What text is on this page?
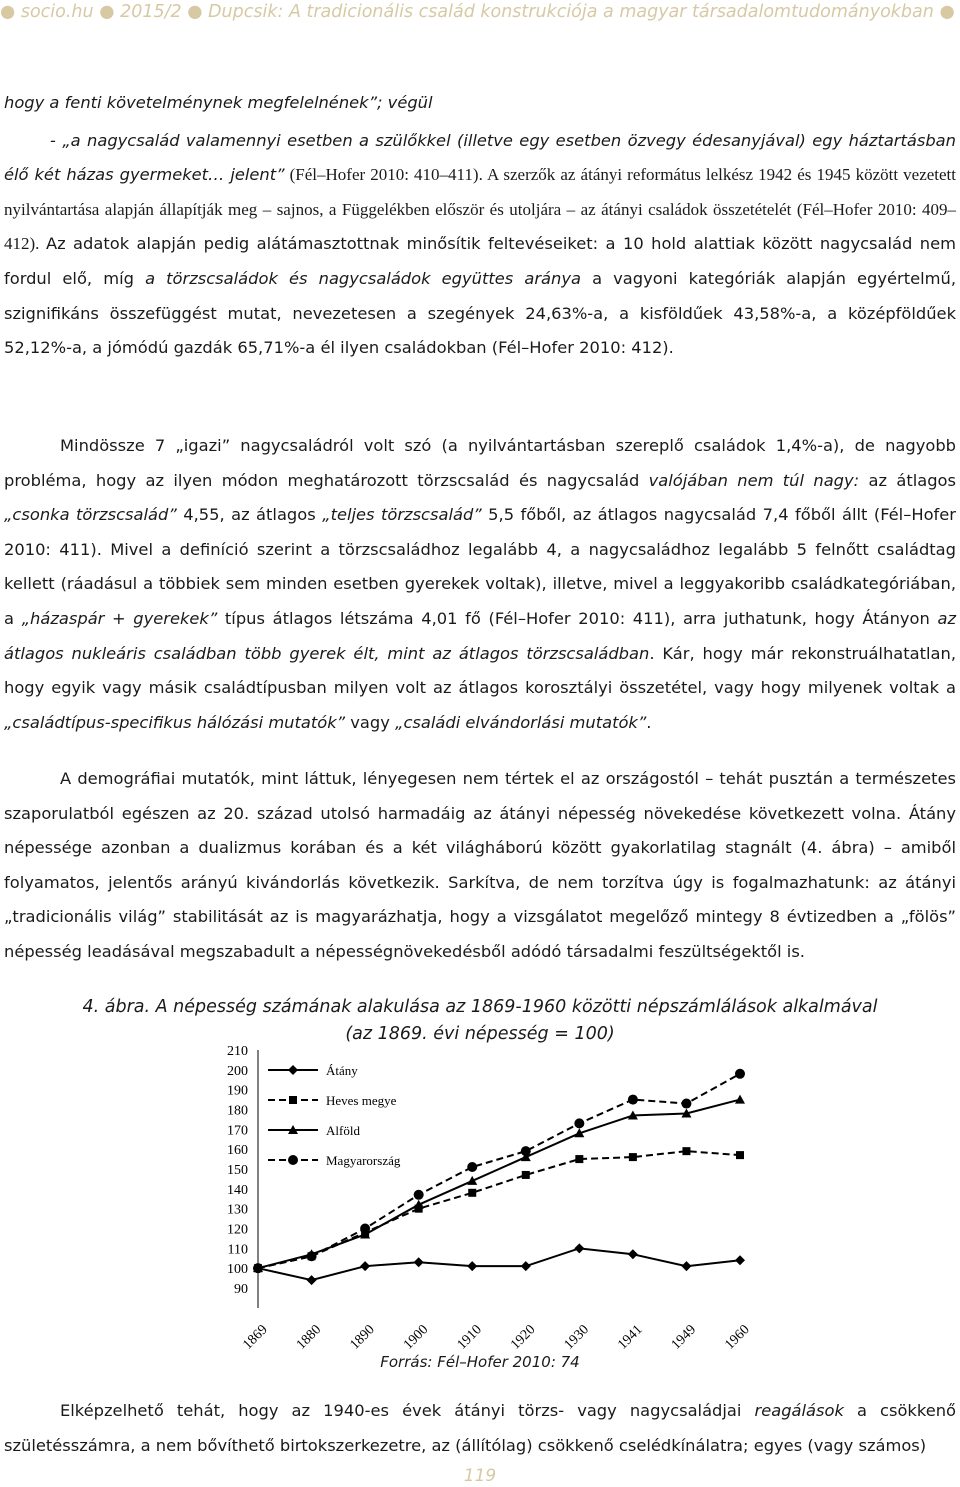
● socio.hu ● 2015/2 ● Dupcsik: A tradicionális család konstrukciója a magyar társadalomtudományokban ●

hogy a fenti követelménynek megfelelnének”; végül

- „a nagycsalád valamennyi esetben a szülőkkel (illetve egy esetben özvegy édesanyjával) egy háztartásban élő két házas gyermeket… jelent” (Fél–Hofer 2010: 410–411). A szerzők az átányi református lelkész 1942 és 1945 között vezetett nyilvántartása alapján állapítják meg – sajnos, a Függelékben először és utoljára – az átányi családok összetételét (Fél–Hofer 2010: 409–412). Az adatok alapján pedig alátámasztottnak minősítik feltevéseiket: a 10 hold alattiak között nagycsalád nem fordul elő, míg a törzscsaládok és nagycsaládok együttes aránya a vagyoni kategóriák alapján egyértelmű, szignifikáns összefüggést mutat, nevezetesen a szegények 24,63%-a, a kisföldűek 43,58%-a, a középföldűek 52,12%-a, a jómódú gazdák 65,71%-a él ilyen családokban (Fél–Hofer 2010: 412).

Mindössze 7 „igazi” nagycsaládról volt szó (a nyilvántartásban szereplő családok 1,4%-a), de nagyobb probléma, hogy az ilyen módon meghatározott törzscsalád és nagycsalád valójában nem túl nagy: az átlagos „csonka törzscsalád” 4,55, az átlagos „teljes törzscsalád” 5,5 főből, az átlagos nagycsalád 7,4 főből állt (Fél–Hofer 2010: 411). Mivel a definíció szerint a törzscsaládhoz legalább 4, a nagycsaládhoz legalább 5 felnőtt családtag kellett (ráadásul a többiek sem minden esetben gyerekek voltak), illetve, mivel a leggyakoribb családkategóriában, a „házaspár + gyerekek” típus átlagos létszáma 4,01 fő (Fél–Hofer 2010: 411), arra juthatunk, hogy Átányon az átlagos nukleáris családban több gyerek élt, mint az átlagos törzscsaládban. Kár, hogy már rekonstruálhatatlan, hogy egyik vagy másik családtípusban milyen volt az átlagos korosztályi összetétel, vagy hogy milyenek voltak a „családtípus-specifikus hálózási mutatók” vagy „családi elvándorlási mutatók”.

A demográfiai mutatók, mint láttuk, lényegesen nem tértek el az országostól – tehát pusztán a természetes szaporulatból egészen az 20. század utolsó harmadáig az átányi népesség növekedése következett volna. Átány népessége azonban a dualizmus korában és a két világháború között gyakorlatilag stagnált (4. ábra) – amiből folyamatos, jelentős arányú kivándorlás következik. Sarkítva, de nem torzítva úgy is fogalmazhatunk: az átányi „tradicionális világ” stabilitását az is magyarázhatja, hogy a vizsgálatot megelőző mintegy 8 évtizedben a „fölös” népesség leadásával megszabadult a népességnövekedésből adódó társadalmi feszültségektől is.

4. ábra. A népesség számának alakulása az 1869-1960 közötti népszámlálások alkalmával
(az 1869. évi népesség = 100)
90
100
110
120
130
140
150
160
170
180
190
200
210
Átány
Heves megye
Alföld
Magyarország
1869 1880 1890 1900 1910 1920 1930 1941 1949 1960
Forrás: Fél–Hofer 2010: 74

Elképzelhető tehát, hogy az 1940-es évek átányi törzs- vagy nagycsaládjai reagálások a csökkenő születésszámra, a nem bővíthető birtokszerkezetre, az (állítólag) csökkenő cselédkínálatra; egyes (vagy számos)

119
